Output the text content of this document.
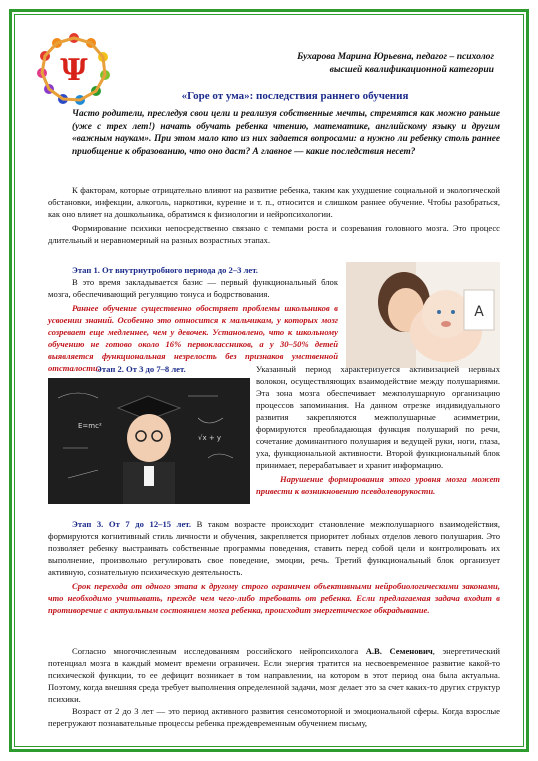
Ψ	Бухарова Марина Юрьевна, педагог – психолог
высшей квалификационной категории
«Горе от ума»: последствия раннего обучения
Часто родители, преследуя свои цели и реализуя собственные мечты, стремятся как можно раньше (уже с трех лет!) начать обучать ребенка чтению, математике, английскому языку и другим «важным наукам». При этом мало кто из них задается вопросами: а нужно ли ребенку столь раннее приобщение к образованию, что оно даст? А главное — какие последствия несет?
К факторам, которые отрицательно влияют на развитие ребенка, таким как ухудшение социальной и экологической обстановки, инфекции, алкоголь, наркотики, курение и т. п., относится и слишком раннее обучение. Чтобы разобраться, как оно влияет на дошкольника, обратимся к физиологии и нейропсихологии.
Формирование психики непосредственно связано с темпами роста и созревания головного мозга. Это процесс длительный и неравномерный на разных возрастных этапах.
Этап 1. От внутриутробного периода до 2–3 лет.
В это время закладывается базис — первый функциональный блок мозга, обеспечивающий регуляцию тонуса и бодрствования.
Раннее обучение существенно обостряет проблемы школьников в усвоении знаний. Особенно это относится к мальчикам, у которых мозг созревает еще медленнее, чем у девочек. Установлено, что к школьному обучению не готово около 16% первоклассников, а у 30–50% детей выявляется функциональная незрелость без признаков умственной отсталости.
A
E=mc²
√x + y
Этап 2. От 3 до 7–8 лет.	Указанный период характеризуется активизацией нервных волокон, осуществляющих взаимодействие между полушариями. Эта зона мозга обеспечивает межполушарную организацию процессов запоминания. На данном отрезке индивидуального развития закрепляются межполушарные асимметрии, формируются преобладающая функция полушарий по речи, сочетание доминантного полушария и ведущей руки, ноги, глаза, уха, функциональной активности. Второй функциональный блок принимает, перерабатывает и хранит информацию.
Нарушение формирования этого уровня мозга может привести к возникновению псевдолеворукости.
Этап 3. От 7 до 12–15 лет. В таком возрасте происходит становление межполушарного взаимодействия, формируются когнитивный стиль личности и обучения, закрепляется приоритет лобных отделов левого полушария. Это позволяет ребенку выстраивать собственные программы поведения, ставить перед собой цели и контролировать их выполнение, произвольно регулировать свое поведение, эмоции, речь. Третий функциональный блок организует активную, сознательную психическую деятельность.
Срок перехода от одного этапа к другому строго ограничен объективными нейробиологическими законами, что необходимо учитывать, прежде чем чего-либо требовать от ребенка. Если предлагаемая задача входит в противоречие с актуальным состоянием мозга ребенка, происходит энергетическое обкрадывание.
Согласно многочисленным исследованиям российского нейропсихолога А.В. Семенович, энергетический потенциал мозга в каждый момент времени ограничен. Если энергия тратится на несвоевременное развитие какой-то психической функции, то ее дефицит возникает в том направлении, на котором в этот период она была актуальна. Поэтому, когда внешняя среда требует выполнения определенной задачи, мозг делает это за счет каких-то других структур психики.
Возраст от 2 до 3 лет — это период активного развития сенсомоторной и эмоциональной сферы. Когда взрослые перегружают познавательные процессы ребенка преждевременным обучением письму,
